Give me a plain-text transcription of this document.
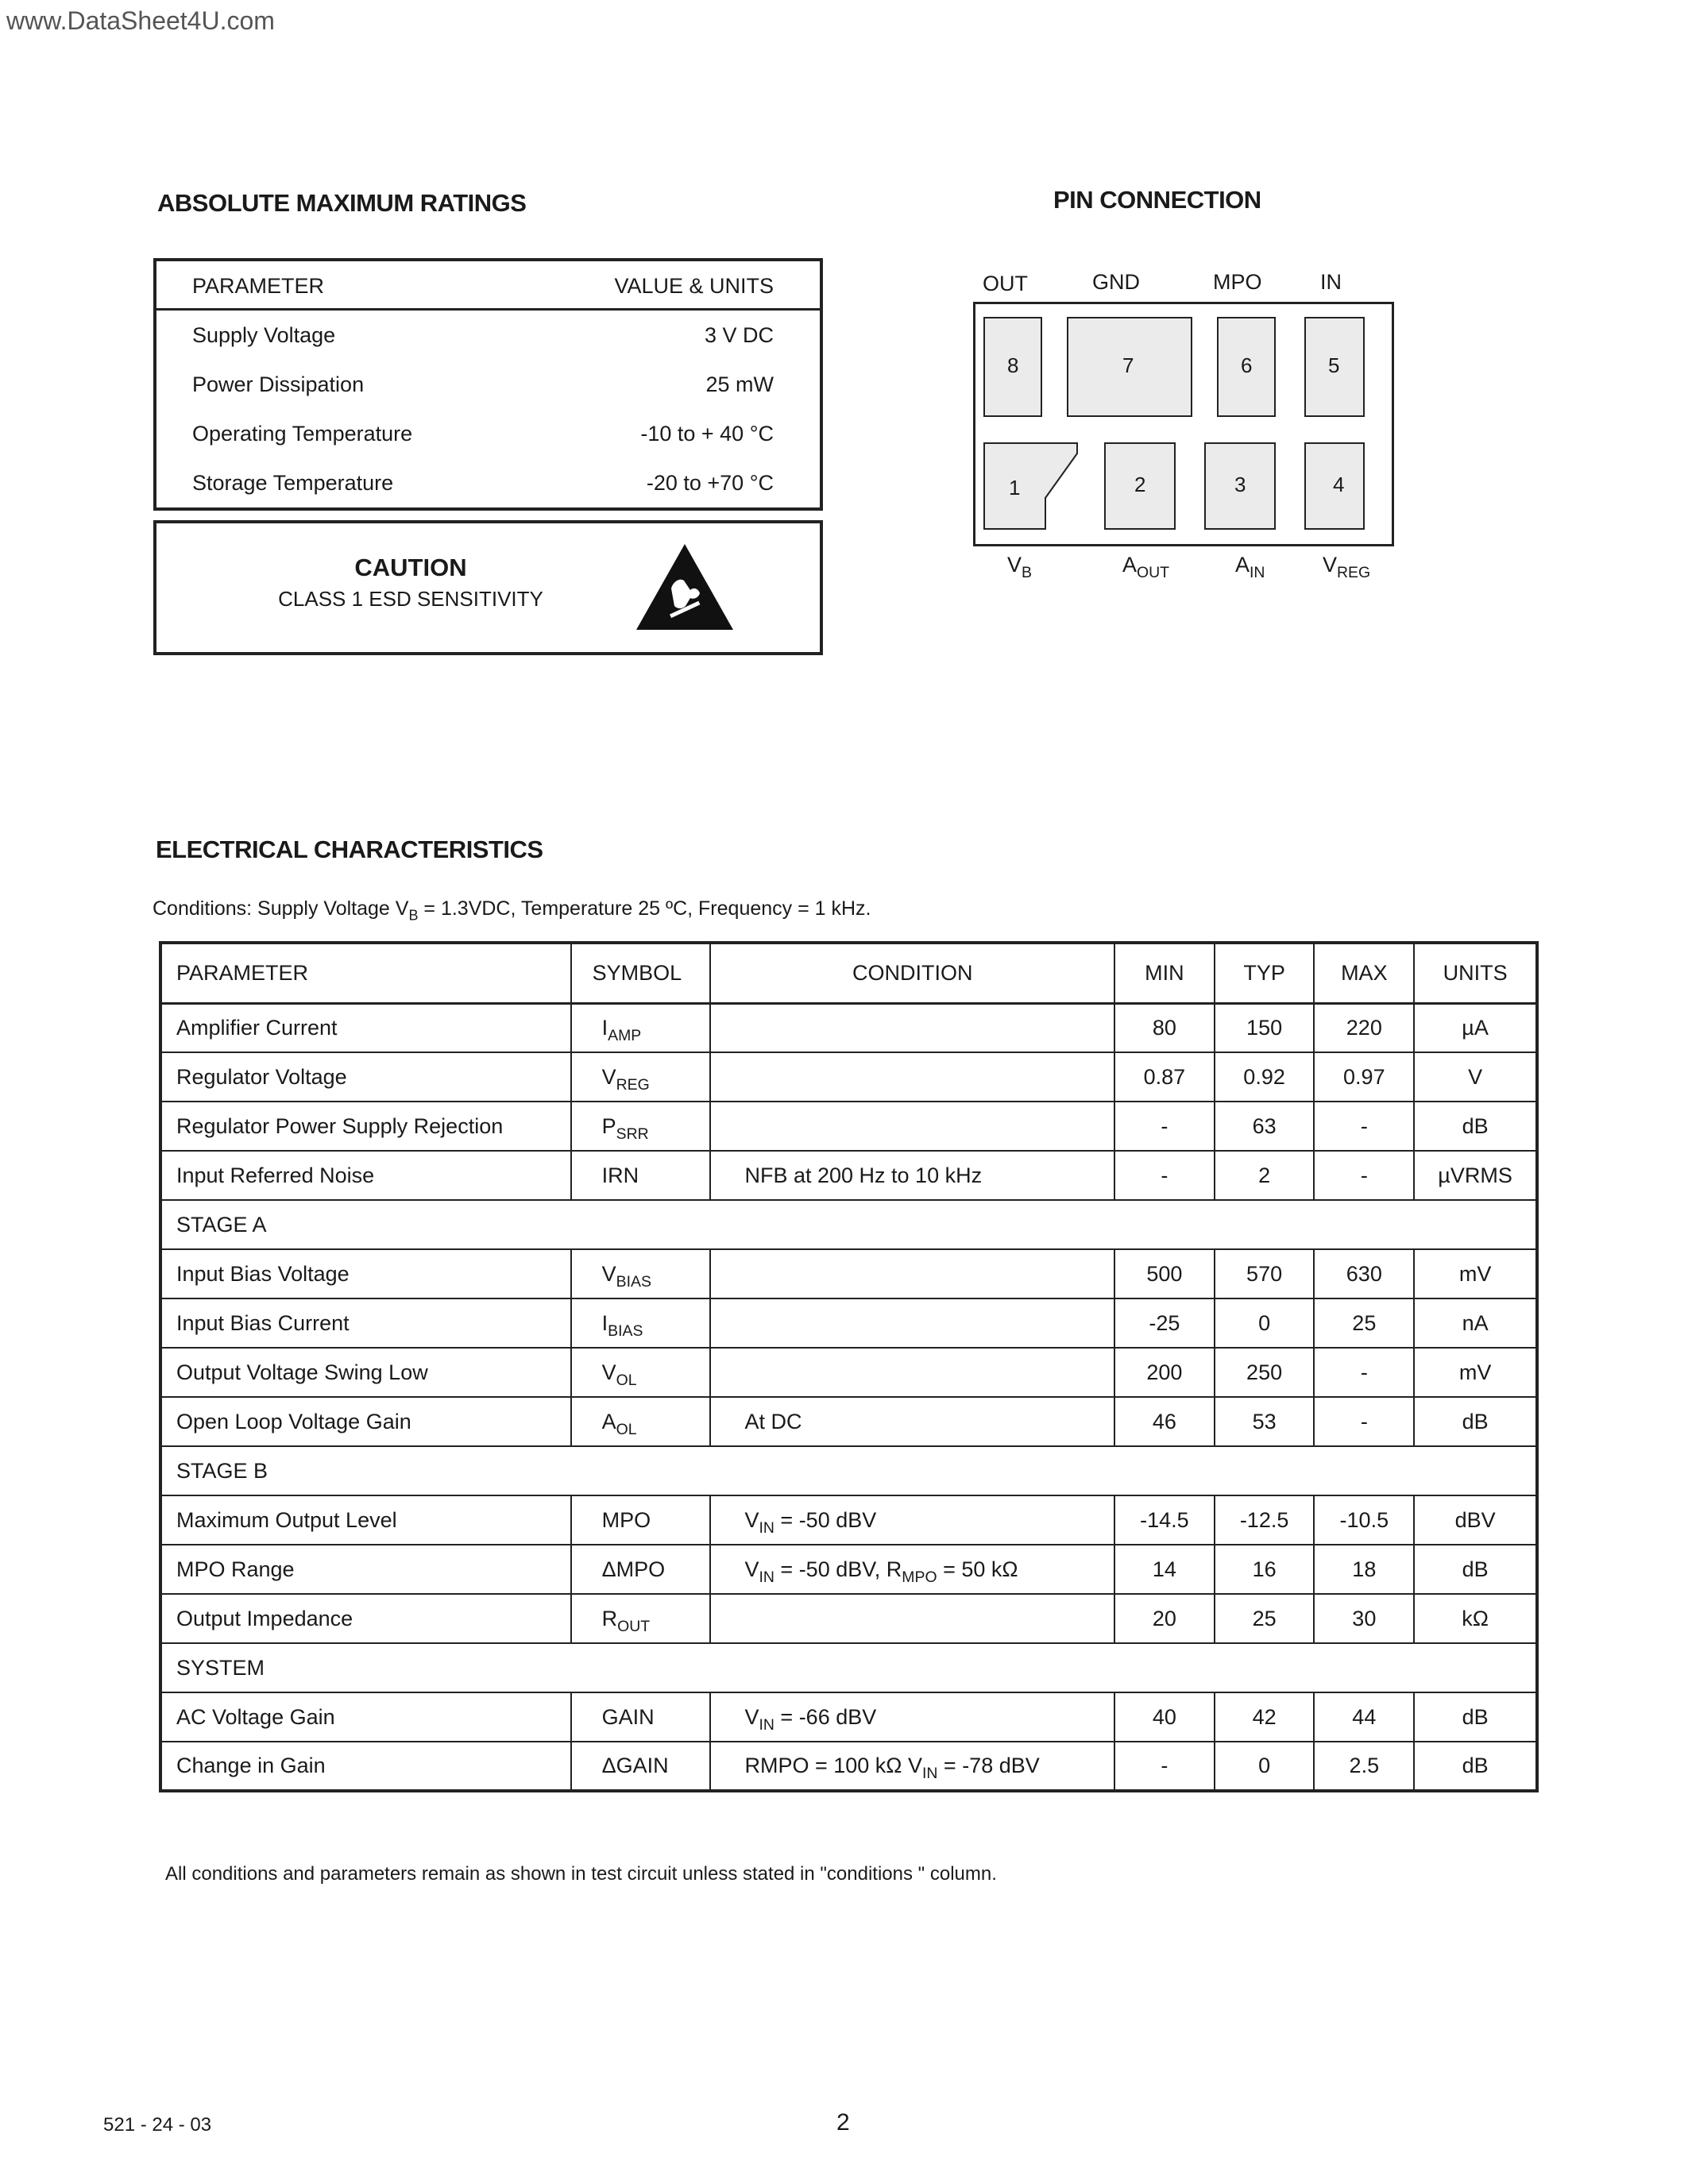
www.DataSheet4U.com
ABSOLUTE MAXIMUM RATINGS
PARAMETER	VALUE & UNITS
Supply Voltage	3 V DC
Power Dissipation	25 mW
Operating Temperature	-10 to + 40 °C
Storage Temperature	-20 to +70 °C
CAUTION
CLASS 1 ESD SENSITIVITY
PIN CONNECTION
OUT	GND	MPO	IN
8	7	6	5
1	2	3	4
$V_B$	$A_{OUT}$	$A_{IN}$	$V_{REG}$
ELECTRICAL CHARACTERISTICS
Conditions: Supply Voltage $V_B = 1.3VDC$, Temperature 25 ºC, Frequency = 1 kHz.
PARAMETER	SYMBOL	CONDITION	MIN	TYP	MAX	UNITS
Amplifier Current	$I_{AMP}$		80	150	220	µA
Regulator Voltage	$V_{REG}$		0.87	0.92	0.97	V
Regulator Power Supply Rejection	$P_{SRR}$		-	63	-	dB
Input Referred Noise	IRN	NFB at 200 Hz to 10 kHz	-	2	-	µVRMS
STAGE A						
Input Bias Voltage	$V_{BIAS}$		500	570	630	mV
Input Bias Current	$I_{BIAS}$		-25	0	25	nA
Output Voltage Swing Low	$V_{OL}$		200	250	-	mV
Open Loop Voltage Gain	$A_{OL}$	At DC	46	53	-	dB
STAGE B						
Maximum Output Level	MPO	$V_{IN} = -50$ dBV	-14.5	-12.5	-10.5	dBV
MPO Range	ΔMPO	$V_{IN} = -50$ dBV, $R_{MPO} = 50$ kΩ	14	16	18	dB
Output Impedance	$R_{OUT}$		20	25	30	kΩ
SYSTEM						
AC Voltage Gain	GAIN	$V_{IN} = -66$ dBV	40	42	44	dB
Change in Gain	ΔGAIN	RMPO = 100 kΩ $V_{IN} = -78$ dBV	-	0	2.5	dB
All conditions and parameters remain as shown in test circuit unless stated in "conditions " column.
521 - 24 - 03	2
